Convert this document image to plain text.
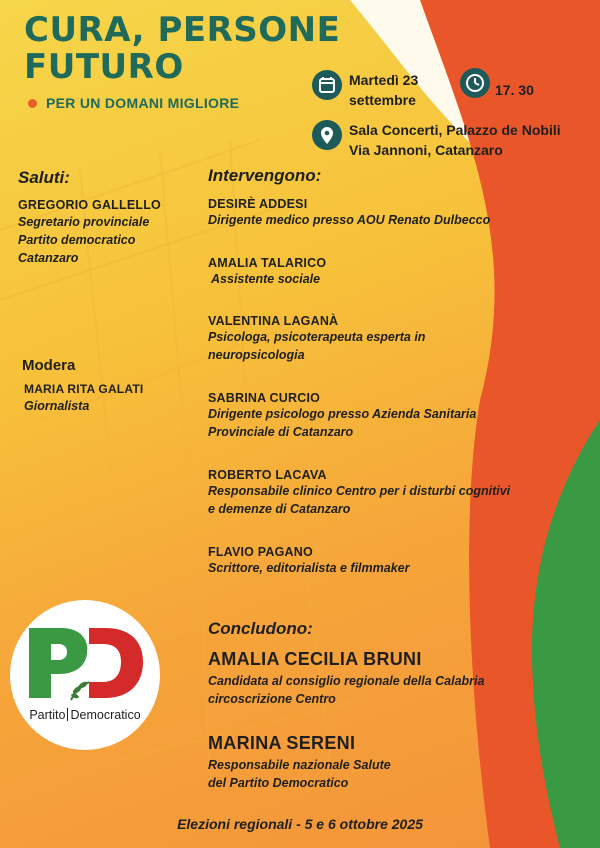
CURA, PERSONE
FUTURO
PER UN DOMANI MIGLIORE
Martedì 23
settembre
17. 30
Sala Concerti, Palazzo de Nobili
Via Jannoni, Catanzaro
Saluti:
GREGORIO GALLELLO
Segretario provinciale
Partito democratico
Catanzaro
Modera
MARIA RITA GALATI
Giornalista
Intervengono:
DESIRÈ ADDESI
Dirigente medico presso AOU Renato Dulbecco
AMALIA TALARICO
Assistente sociale
VALENTINA LAGANÀ
Psicologa, psicoterapeuta esperta in
neuropsicologia
SABRINA CURCIO
Dirigente psicologo presso Azienda Sanitaria
Provinciale di Catanzaro
ROBERTO LACAVA
Responsabile clinico Centro per i disturbi cognitivi
e demenze di Catanzaro
FLAVIO PAGANO
Scrittore, editorialista e filmmaker
Concludono:
AMALIA CECILIA BRUNI
Candidata al consiglio regionale della Calabria
circoscrizione Centro
MARINA SERENI
Responsabile nazionale Salute
del Partito Democratico
Partito Democratico
Elezioni regionali - 5 e 6 ottobre 2025
